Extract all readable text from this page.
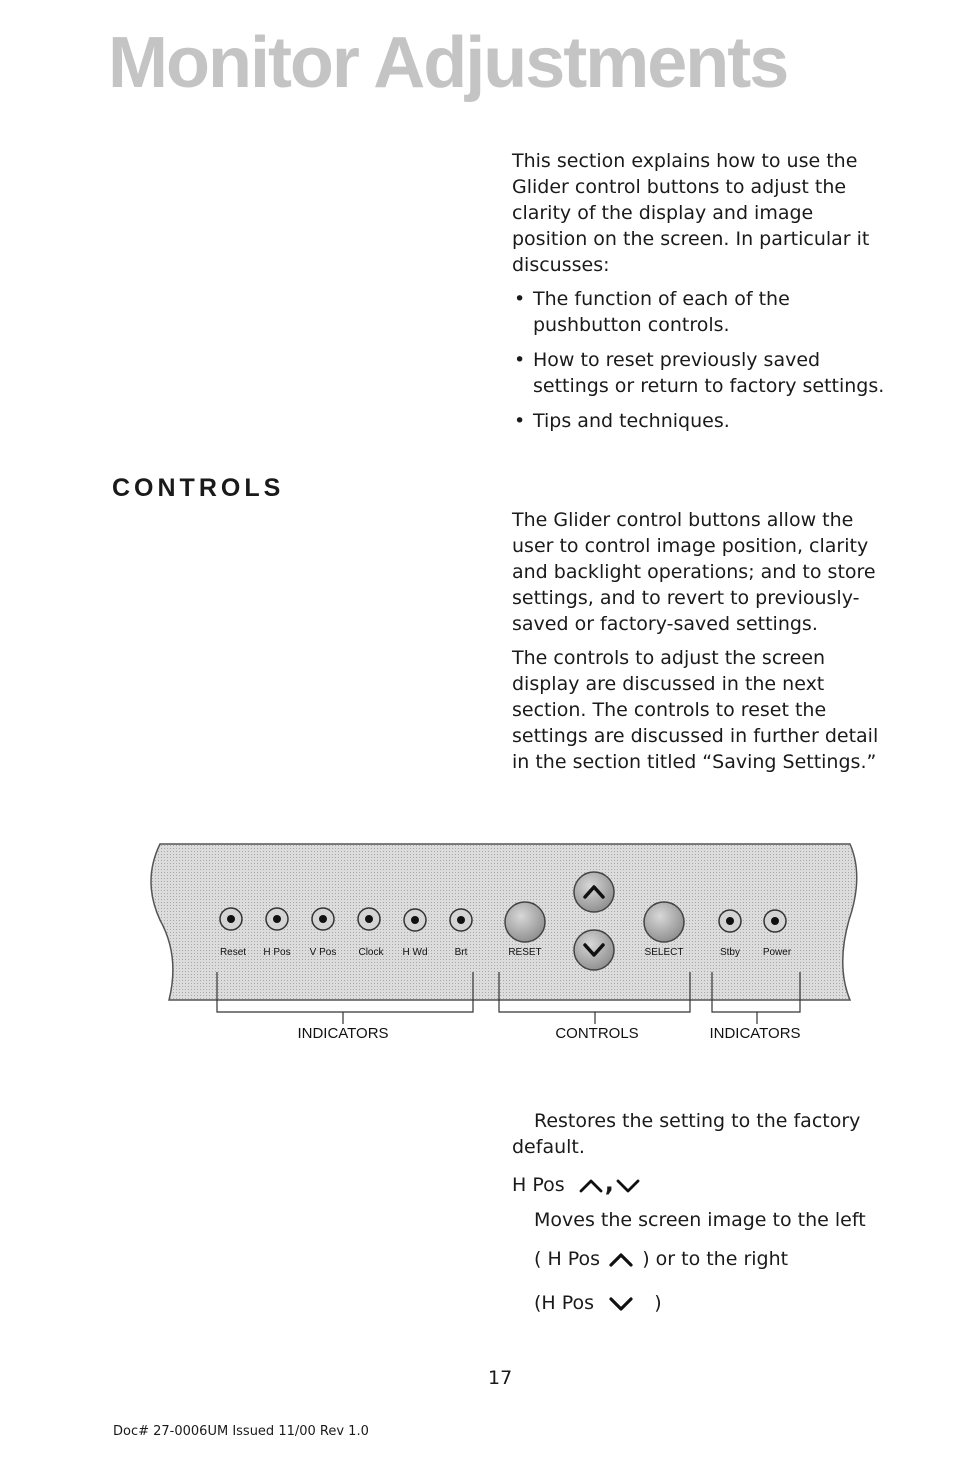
Monitor Adjustments

This section explains how to use the Glider control buttons to adjust the clarity of the display and image position on the screen. In particular it discusses:

• The function of each of the pushbutton controls.
• How to reset previously saved settings or return to factory settings.
• Tips and techniques.
CONTROLS

The Glider control buttons allow the user to control image position, clarity and backlight operations; and to store settings, and to revert to previously-saved or factory-saved settings.

The controls to adjust the screen display are discussed in the next section. The controls to reset the settings are discussed in further detail in the section titled “Saving Settings.”

Reset H Pos V Pos Clock H Wd	Brt	RESET	SELECT	Stby Power
INDICATORS	CONTROLS	INDICATORS

Restores the setting to the factory default.

H Pos ,
Moves the screen image to the left
( H Pos ) or to the right
(H Pos	)
17
Doc# 27-0006UM Issued 11/00 Rev 1.0
